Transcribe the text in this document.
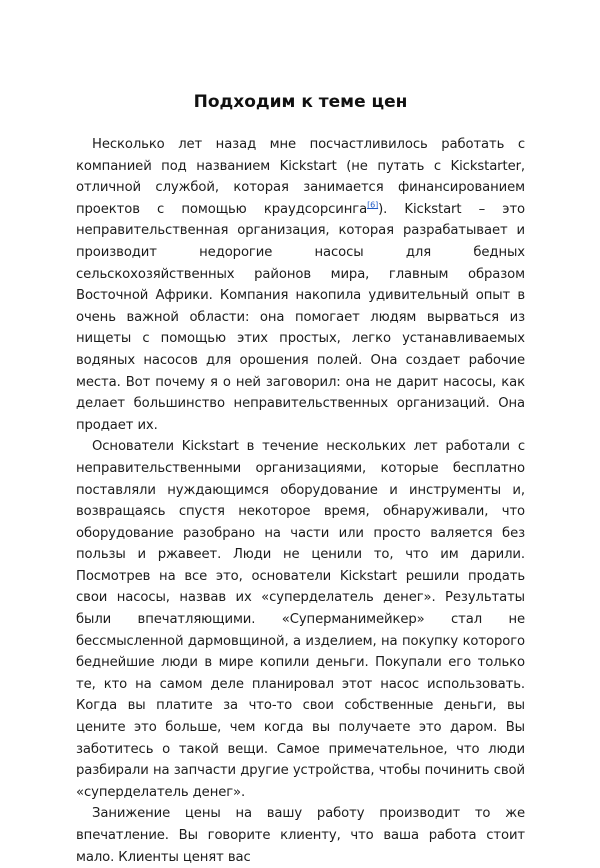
Подходим к теме цен

Несколько лет назад мне посчастливилось работать с компанией под названием Kickstart (не путать с Kickstarter, отличной службой, которая занимается финансированием проектов с помощью краудсорсинга[6]). Kickstart – это неправительственная организация, которая разрабатывает и производит недорогие насосы для бедных сельскохозяйственных районов мира, главным образом Восточной Африки. Компания накопила удивительный опыт в очень важной области: она помогает людям вырваться из нищеты с помощью этих простых, легко устанавливаемых водяных насосов для орошения полей. Она создает рабочие места. Вот почему я о ней заговорил: она не дарит насосы, как делает большинство неправительственных организаций. Она продает их.

Основатели Kickstart в течение нескольких лет работали с неправительственными организациями, которые бесплатно поставляли нуждающимся оборудование и инструменты и, возвращаясь спустя некоторое время, обнаруживали, что оборудование разобрано на части или просто валяется без пользы и ржавеет. Люди не ценили то, что им дарили. Посмотрев на все это, основатели Kickstart решили продать свои насосы, назвав их «суперделатель денег». Результаты были впечатляющими. «Суперманимейкер» стал не бессмысленной дармовщиной, а изделием, на покупку которого беднейшие люди в мире копили деньги. Покупали его только те, кто на самом деле планировал этот насос использовать. Когда вы платите за что-то свои собственные деньги, вы цените это больше, чем когда вы получаете это даром. Вы заботитесь о такой вещи. Самое примечательное, что люди разбирали на запчасти другие устройства, чтобы починить свой «суперделатель денег».

Занижение цены на вашу работу производит то же впечатление. Вы говорите клиенту, что ваша работа стоит мало. Клиенты ценят вас
